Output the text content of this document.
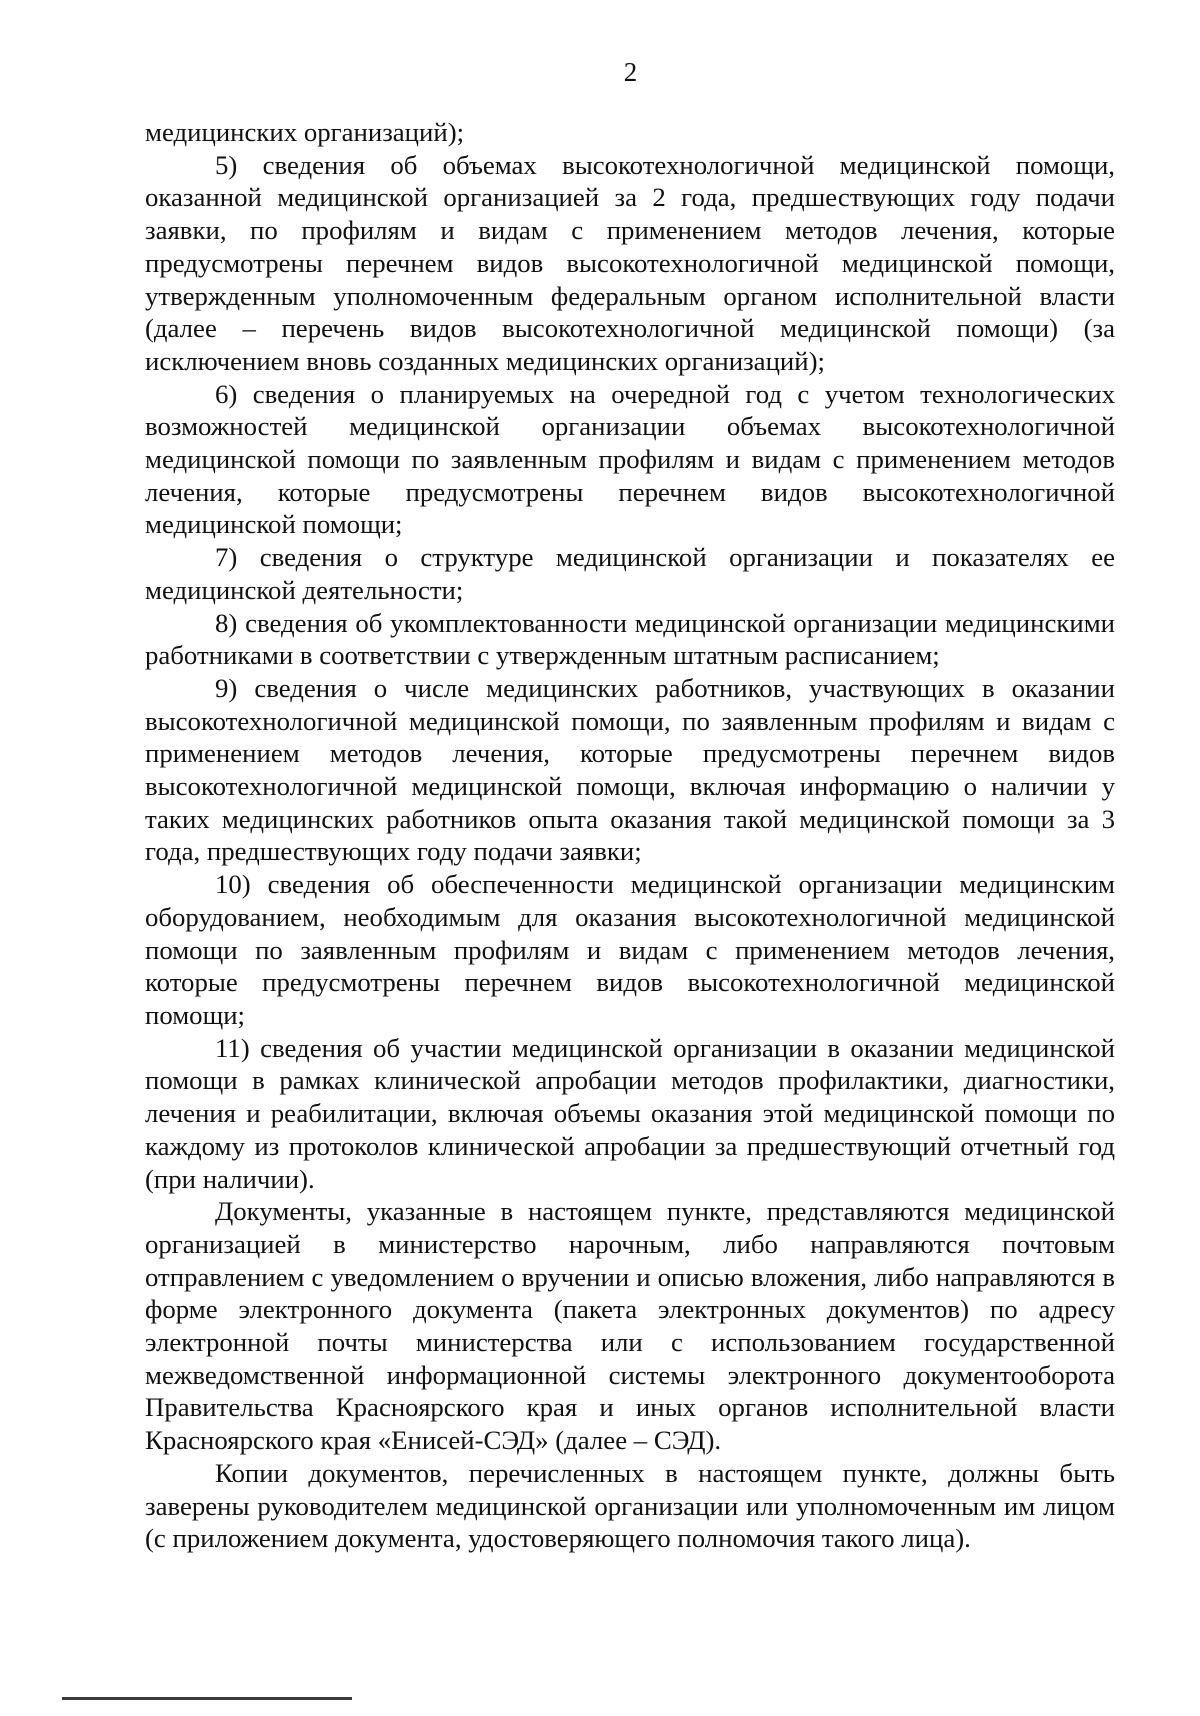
2

медицинских организаций);

5) сведения об объемах высокотехнологичной медицинской помощи, оказанной медицинской организацией за 2 года, предшествующих году подачи заявки, по профилям и видам с применением методов лечения, которые предусмотрены перечнем видов высокотехнологичной медицинской помощи, утвержденным уполномоченным федеральным органом исполнительной власти (далее – перечень видов высокотехнологичной медицинской помощи) (за исключением вновь созданных медицинских организаций);

6) сведения о планируемых на очередной год с учетом технологических возможностей медицинской организации объемах высокотехнологичной медицинской помощи по заявленным профилям и видам с применением методов лечения, которые предусмотрены перечнем видов высокотехнологичной медицинской помощи;

7) сведения о структуре медицинской организации и показателях ее медицинской деятельности;

8) сведения об укомплектованности медицинской организации медицинскими работниками в соответствии с утвержденным штатным расписанием;

9) сведения о числе медицинских работников, участвующих в оказании высокотехнологичной медицинской помощи, по заявленным профилям и видам с применением методов лечения, которые предусмотрены перечнем видов высокотехнологичной медицинской помощи, включая информацию о наличии у таких медицинских работников опыта оказания такой медицинской помощи за 3 года, предшествующих году подачи заявки;

10) сведения об обеспеченности медицинской организации медицинским оборудованием, необходимым для оказания высокотехнологичной медицинской помощи по заявленным профилям и видам с применением методов лечения, которые предусмотрены перечнем видов высокотехнологичной медицинской помощи;

11) сведения об участии медицинской организации в оказании медицинской помощи в рамках клинической апробации методов профилактики, диагностики, лечения и реабилитации, включая объемы оказания этой медицинской помощи по каждому из протоколов клинической апробации за предшествующий отчетный год (при наличии).

Документы, указанные в настоящем пункте, представляются медицинской организацией в министерство нарочным, либо направляются почтовым отправлением с уведомлением о вручении и описью вложения, либо направляются в форме электронного документа (пакета электронных документов) по адресу электронной почты министерства или с использованием государственной межведомственной информационной системы электронного документооборота Правительства Красноярского края и иных органов исполнительной власти Красноярского края «Енисей-СЭД» (далее – СЭД).

Копии документов, перечисленных в настоящем пункте, должны быть заверены руководителем медицинской организации или уполномоченным им лицом (с приложением документа, удостоверяющего полномочия такого лица).
